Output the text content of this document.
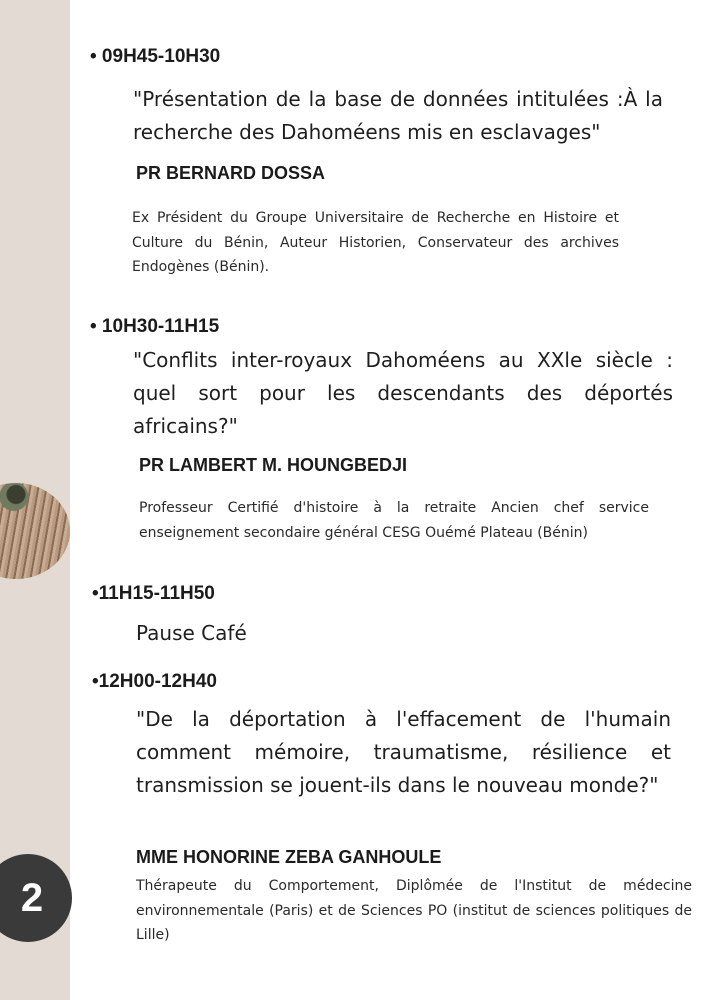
2
• 09H45-10H30
"Présentation de la base de données intitulées :À la recherche des Dahoméens mis en esclavages"
PR BERNARD DOSSA
Ex Président du Groupe Universitaire de Recherche en Histoire et Culture du Bénin, Auteur Historien, Conservateur des archives Endogènes (Bénin).
• 10H30-11H15
"Conflits inter-royaux Dahoméens au XXle siècle : quel sort pour les descendants des déportés africains?"
PR LAMBERT M. HOUNGBEDJI
Professeur Certifié d'histoire à la retraite Ancien chef service enseignement secondaire général CESG Ouémé Plateau (Bénin)
•11H15-11H50
Pause Café
•12H00-12H40
"De la déportation à l'effacement de l'humain comment mémoire, traumatisme, résilience et transmission se jouent-ils dans le nouveau monde?"
MME HONORINE ZEBA GANHOULE
Thérapeute du Comportement, Diplômée de l'Institut de médecine environnementale (Paris) et de Sciences PO (institut de sciences politiques de Lille)
